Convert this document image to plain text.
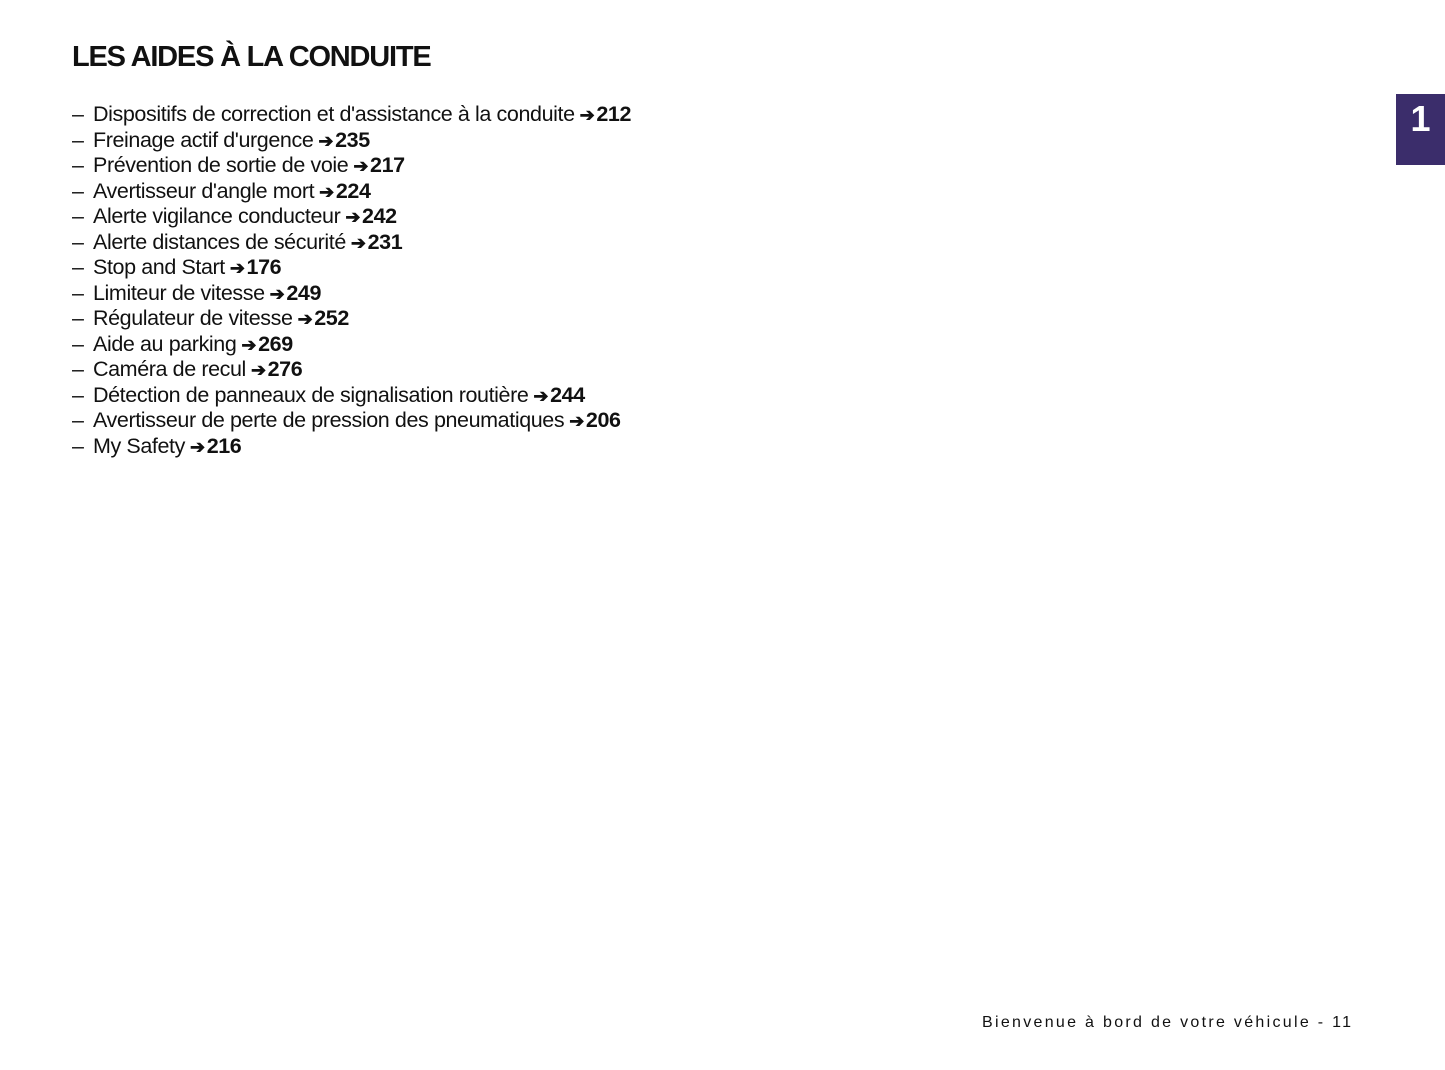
LES AIDES À LA CONDUITE
– Dispositifs de correction et d'assistance à la conduite ➔212
– Freinage actif d'urgence ➔235
– Prévention de sortie de voie ➔217
– Avertisseur d'angle mort ➔224
– Alerte vigilance conducteur ➔242
– Alerte distances de sécurité ➔231
– Stop and Start ➔176
– Limiteur de vitesse ➔249
– Régulateur de vitesse ➔252
– Aide au parking ➔269
– Caméra de recul ➔276
– Détection de panneaux de signalisation routière ➔244
– Avertisseur de perte de pression des pneumatiques ➔206
– My Safety ➔216
1
Bienvenue à bord de votre véhicule - 11
